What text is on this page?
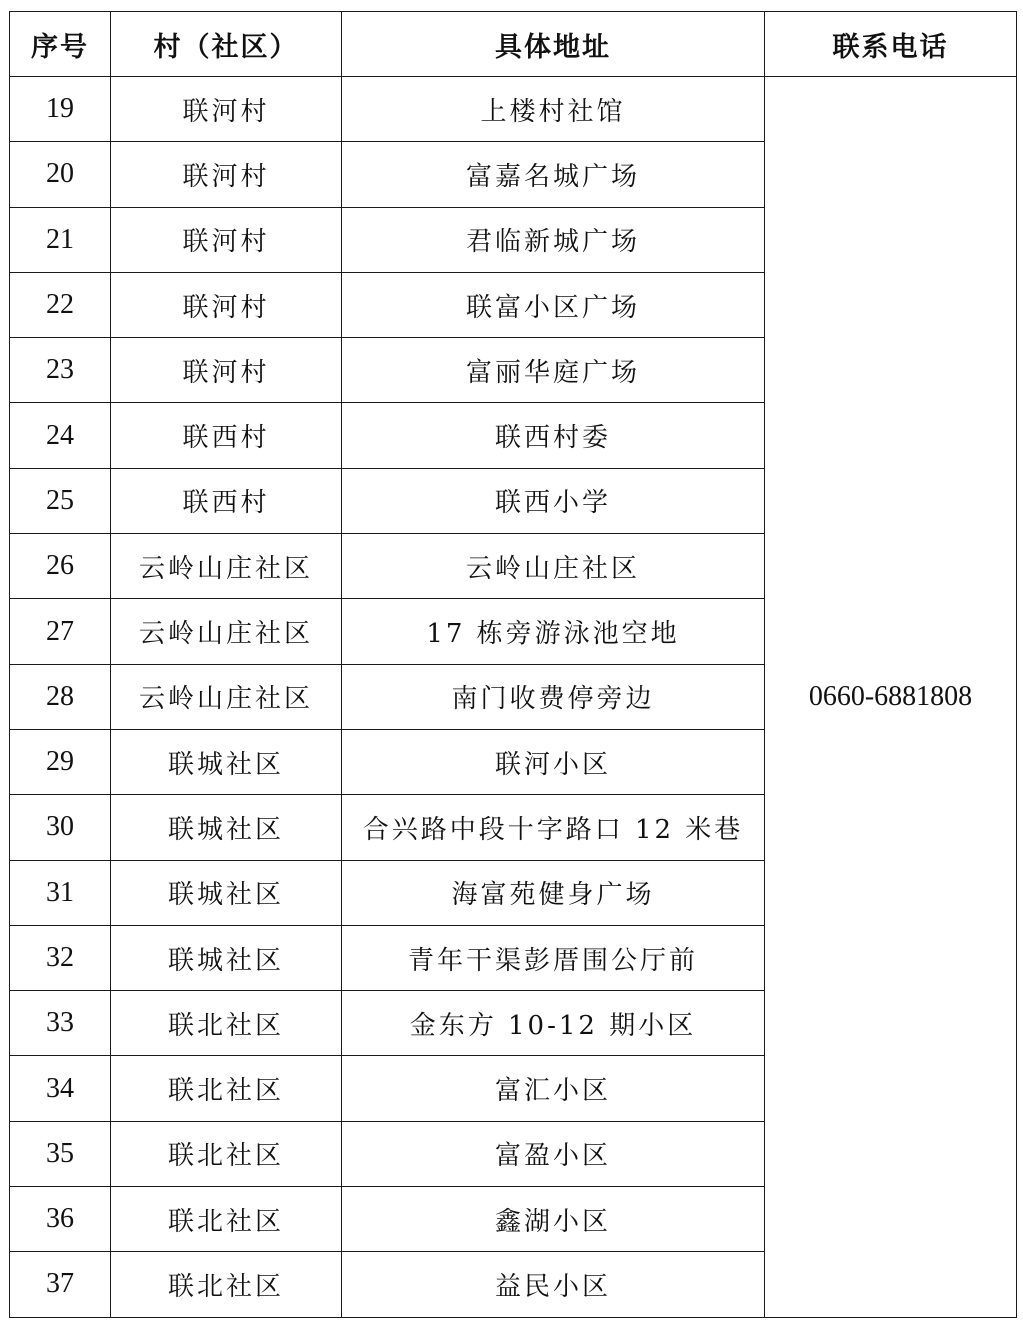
序号	村（社区）	具体地址	联系电话
19	联河村	上楼村社馆	0660-6881808
20	联河村	富嘉名城广场	
21	联河村	君临新城广场	
22	联河村	联富小区广场	
23	联河村	富丽华庭广场	
24	联西村	联西村委	
25	联西村	联西小学	
26	云岭山庄社区	云岭山庄社区	
27	云岭山庄社区	17 栋旁游泳池空地	
28	云岭山庄社区	南门收费停旁边	
29	联城社区	联河小区	
30	联城社区	合兴路中段十字路口 12 米巷	
31	联城社区	海富苑健身广场	
32	联城社区	青年干渠彭厝围公厅前	
33	联北社区	金东方 10-12 期小区	
34	联北社区	富汇小区	
35	联北社区	富盈小区	
36	联北社区	鑫湖小区	
37	联北社区	益民小区	
